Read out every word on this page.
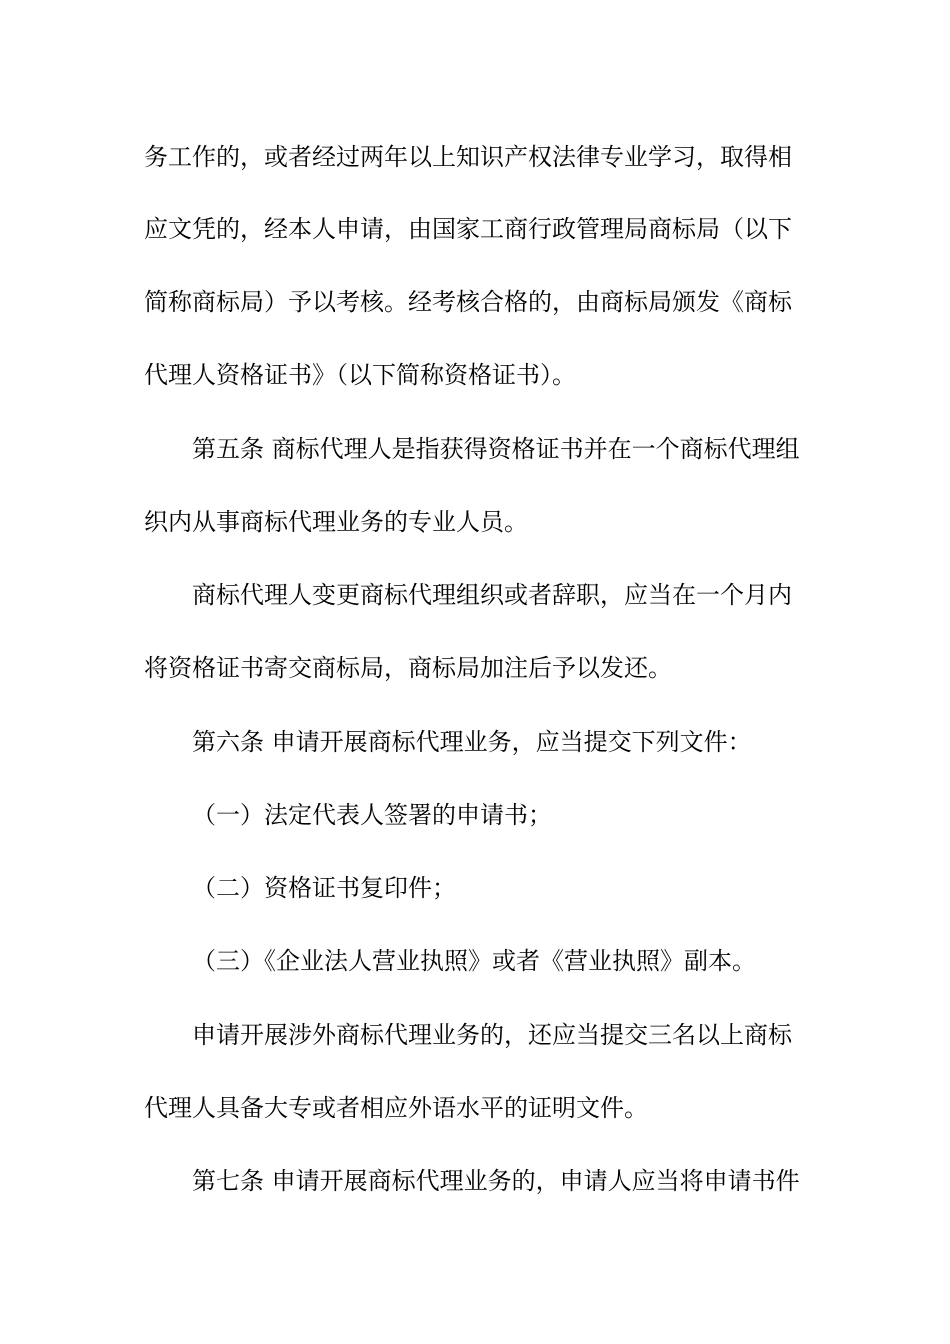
务工作的，或者经过两年以上知识产权法律专业学习，取得相
应文凭的，经本人申请，由国家工商行政管理局商标局（以下
简称商标局）予以考核。经考核合格的，由商标局颁发《商标
代理人资格证书》（以下简称资格证书）。
第五条 商标代理人是指获得资格证书并在一个商标代理组
织内从事商标代理业务的专业人员。
商标代理人变更商标代理组织或者辞职，应当在一个月内
将资格证书寄交商标局，商标局加注后予以发还。
第六条 申请开展商标代理业务，应当提交下列文件：
（一）法定代表人签署的申请书；
（二）资格证书复印件；
（三）《企业法人营业执照》或者《营业执照》副本。
申请开展涉外商标代理业务的，还应当提交三名以上商标
代理人具备大专或者相应外语水平的证明文件。
第七条 申请开展商标代理业务的，申请人应当将申请书件
